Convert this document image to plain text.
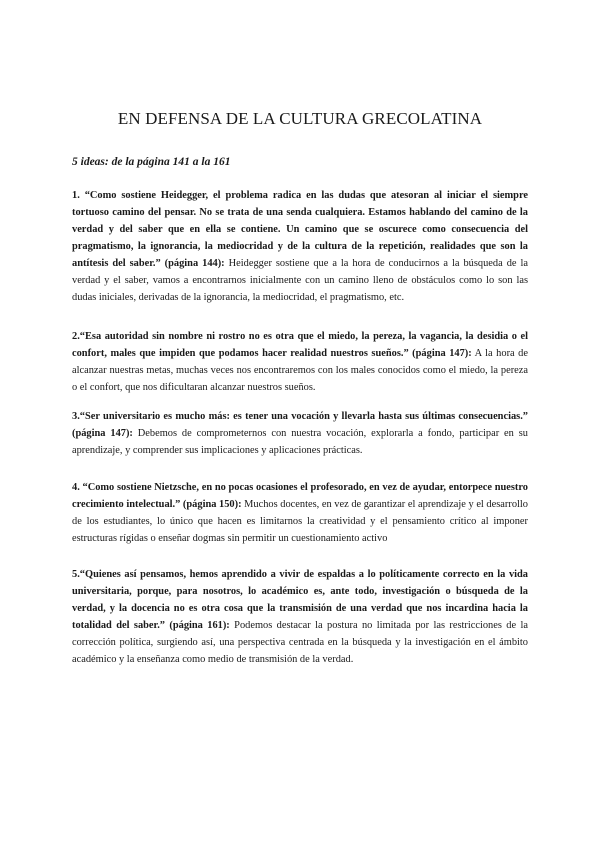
EN DEFENSA DE LA CULTURA GRECOLATINA

5 ideas: de la página 141 a la 161

1. “Como sostiene Heidegger, el problema radica en las dudas que atesoran al iniciar el siempre tortuoso camino del pensar. No se trata de una senda cualquiera. Estamos hablando del camino de la verdad y del saber que en ella se contiene. Un camino que se oscurece como consecuencia del pragmatismo, la ignorancia, la mediocridad y de la cultura de la repetición, realidades que son la antítesis del saber.” (página 144): Heidegger sostiene que a la hora de conducirnos a la búsqueda de la verdad y el saber, vamos a encontrarnos inicialmente con un camino lleno de obstáculos como lo son las dudas iniciales, derivadas de la ignorancia, la mediocridad, el pragmatismo, etc.

2.“Esa autoridad sin nombre ni rostro no es otra que el miedo, la pereza, la vagancia, la desidia o el confort, males que impiden que podamos hacer realidad nuestros sueños.” (página 147): A la hora de alcanzar nuestras metas, muchas veces nos encontraremos con los males conocidos como el miedo, la pereza o el confort, que nos dificultaran alcanzar nuestros sueños.

3.“Ser universitario es mucho más: es tener una vocación y llevarla hasta sus últimas consecuencias.” (página 147): Debemos de comprometernos con nuestra vocación, explorarla a fondo, participar en su aprendizaje, y comprender sus implicaciones y aplicaciones prácticas.

4. “Como sostiene Nietzsche, en no pocas ocasiones el profesorado, en vez de ayudar, entorpece nuestro crecimiento intelectual.” (página 150): Muchos docentes, en vez de garantizar el aprendizaje y el desarrollo de los estudiantes, lo único que hacen es limitarnos la creatividad y el pensamiento crítico al imponer estructuras rígidas o enseñar dogmas sin permitir un cuestionamiento activo

5.“Quienes así pensamos, hemos aprendido a vivir de espaldas a lo políticamente correcto en la vida universitaria, porque, para nosotros, lo académico es, ante todo, investigación o búsqueda de la verdad, y la docencia no es otra cosa que la transmisión de una verdad que nos incardina hacia la totalidad del saber.” (página 161): Podemos destacar la postura no limitada por las restricciones de la corrección política, surgiendo así, una perspectiva centrada en la búsqueda y la investigación en el ámbito académico y la enseñanza como medio de transmisión de la verdad.
